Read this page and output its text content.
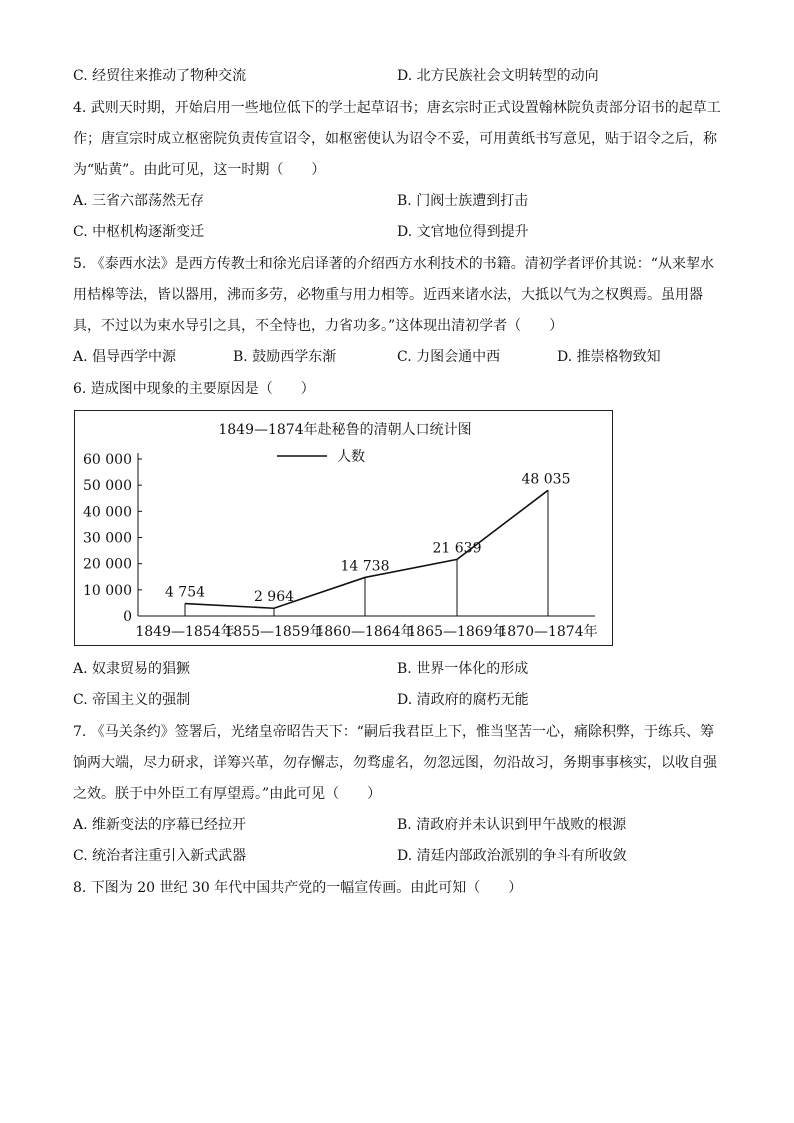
C. 经贸往来推动了物种交流	D. 北方民族社会文明转型的动向
4. 武则天时期，开始启用一些地位低下的学士起草诏书；唐玄宗时正式设置翰林院负责部分诏书的起草工
作；唐宣宗时成立枢密院负责传宣诏令，如枢密使认为诏令不妥，可用黄纸书写意见，贴于诏令之后，称
为“贴黄”。由此可见，这一时期（　　）
A. 三省六部荡然无存	B. 门阀士族遭到打击
C. 中枢机构逐渐变迁	D. 文官地位得到提升
5. 《泰西水法》是西方传教士和徐光启译著的介绍西方水利技术的书籍。清初学者评价其说：“从来挈水
用桔槔等法，皆以器用，沸而多劳，必物重与用力相等。近西来诸水法，大抵以气为之权舆焉。虽用器
具，不过以为束水导引之具，不全恃也，力省功多。”这体现出清初学者（　　）
A. 倡导西学中源	B. 鼓励西学东渐	C. 力图会通中西	D. 推崇格物致知
6. 造成图中现象的主要原因是（　　）
1849—1874年赴秘鲁的清朝人口统计图
人数
0
10 000
20 000
30 000
40 000
50 000
60 000
1849—1854年
1855—1859年
1860—1864年
1865—1869年
1870—1874年
4 754	2 964
14 738
21 639
48 035
A. 奴隶贸易的猖獗	B. 世界一体化的形成
C. 帝国主义的强制	D. 清政府的腐朽无能
7. 《马关条约》签署后，光绪皇帝昭告天下：“嗣后我君臣上下，惟当坚苦一心，痛除积弊，于练兵、筹
饷两大端，尽力研求，详筹兴革，勿存懈志，勿骛虚名，勿忽远图，勿沿故习，务期事事核实，以收自强
之效。朕于中外臣工有厚望焉。”由此可见（　　）
A. 维新变法的序幕已经拉开	B. 清政府并未认识到甲午战败的根源
C. 统治者注重引入新式武器	D. 清廷内部政治派别的争斗有所收敛
8. 下图为 20 世纪 30 年代中国共产党的一幅宣传画。由此可知（　　）
